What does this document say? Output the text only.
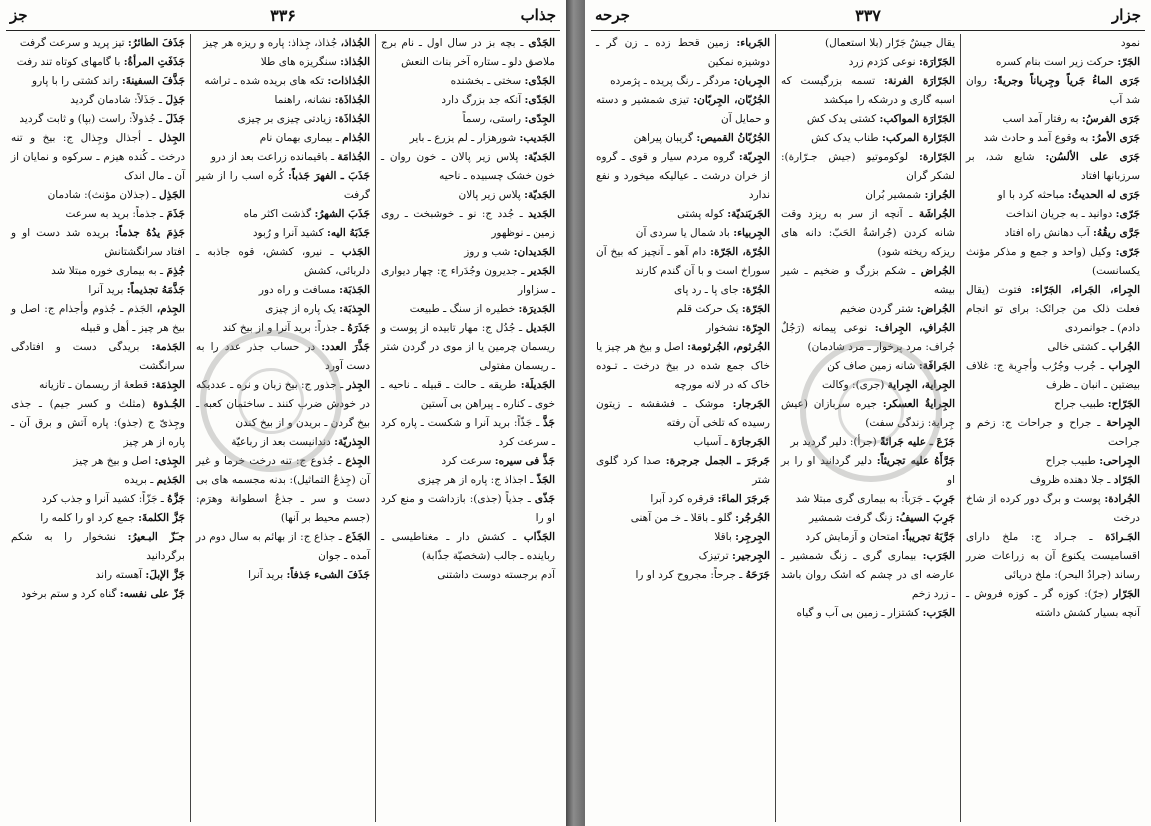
جز	۳۳۶	جذاب

الجَدْی ـ بچه بز در سال اول ـ نام برج ملاصق دلو ـ ستاره آخر بنات النعش

الجَدْی: سختی ـ بخشنده

الجَدّی: آنکه جد بزرگ دارد

الجِدّی: راستی، رسماً

الجَدیب: شورهزار ـ لم یزرع ـ بایر

الجَدیّة: پلاس زیر پالان ـ خون روان ـ خون خشک چسبیده ـ ناحیه

الجَدیّة: پلاس زیر پالان

الجَدید ـ جُدد ج: نو ـ خوشبخت ـ روی زمین ـ نوظهور

الجَدیدان: شب و روز

الجَدیر ـ جدیرون وجُدَراء ج: چهار دیواری ـ سزاوار

الجَدیرَة: خطیره از سنگ ـ طبیعت

الجَدیل ـ جُدُل ج: مهار تابیده از پوست و ریسمان چرمین یا از موی در گردن شتر ـ ریسمان مفتولی

الجَدیلَة: طریقه ـ حالت ـ قبیله ـ ناحیه ـ خوی ـ کناره ـ پیراهن بی آستین

جَذَّ ـ جَذّاً: برید آنرا و شکست ـ پاره کرد ـ سرعت کرد

جَذَّ فی سیره: سرعت کرد

الجَذّ ـ اجذاذ ج: پاره از هر چیزی

جَذّی ـ جذیاً (جذی): بازداشت و منع کرد او را

الجَذّاب ـ کشش دار ـ مغناطیسی ـ رباینده ـ جالب (شخصیّة جذّابة)

آدم برجسته دوست داشتنی

الجُذاذ، جُذاذ، جِذاذ: پاره و ریزه هر چیز

الجُذاذ: سنگریزه های طلا

الجُذاذات: تکه های بریده شده ـ تراشه

الجُذاذَة: نشانه، راهنما

الجُذاذَة: زیادتی چیزی بر چیزی

الجُذام ـ بیماری بهمان نام

الجُذامَة ـ باقیمانده زراعت بعد از درو

جَذَبَ ـ الفهرَ جَذباً: کُره اسب را از شیر گرفت

جَذَبَ الشهرُ: گذشت اکثر ماه

جَذَبَهُ الیه: کشید آنرا و رُبود

الجَذب ـ نیرو، کشش، قوه جاذبه ـ دلربائی، کشش

الجَذبَة: مسافت و راه دور

الجِذبَة: یک پاره از چیزی

جَذَرَهُ ـ جذراً: برید آنرا و از بیخ کند

جَذَّرَ العدد: در حساب جذر عدد را به دست آورد

الجِذر ـ جذور ج: بیخ زبان و نره ـ عددیکه در خودش ضرب کنند ـ ساختمان کعبه ـ بیخ گردن ـ بریدن و از بیخ کندن

الجِذریّة: دندانیست بعد از رباعیّة

الجِذع ـ جُذوع ج: تنه درخت خرما و غیر آن (جِذعُ التماثیل): بدنه مجسمه های بی دست و سر ـ جذعُ اسطوانة وهرَم: (جسم محیط بر آنها)

الجَذَع ـ جذاع ج: از بهائم به سال دوم در آمده ـ جوان

جَذَفَ الشیء جَذفاً: برید آنرا

جَذَفَ الطائرُ: تیز پرید و سرعت گرفت

جَذَفَتِ المرأةُ: با گامهای کوتاه تند رفت

جَذَّفَ السفینةَ: راند کشتی را با پارو

جَذِلَ ـ جَذَلاً: شادمان گردید

جَذَلَ ـ جُذولاً: راست (بپا) و ثابت گردید

الجِذل ـ أجذال وجِذال ج: بیخ و تنه درخت ـ کُنده هیزم ـ سرکوه و نمایان از آن ـ مال اندک

الجَذِل ـ (جذلان مؤنث): شادمان

جَذَمَ ـ جذماً: برید به سرعت

جَذِمَ یدُهُ جذماً: بریده شد دست او و افتاد سرانگشتانش

جُذِمَ ـ به بیماری خوره مبتلا شد

جَذَّمَهُ تجذیماً: برید آنرا

الجِذم، الجَذم ـ جُذوم وأجذام ج: اصل و بیخ هر چیز ـ أهل و قبیله

الجَذمة: بریدگی دست و افتادگی سرانگشت

الجِذمَة: قطعهٔ از ریسمان ـ تازیانه

الجُـذوة (مثلث و کسر جیم) ـ جذی وجِذیّ ج (جذو): پاره آتش و برق آن ـ پاره از هر چیز

الجِذی: اصل و بیخ هر چیز

الجَذیم ـ بریده

جَزَّهُ ـ جَزّاً: کشید آنرا و جذب کرد

جَزَّ الکلمةَ: جمع کرد او را کلمه را

جـَزّ البـعیرُ: نشخوار را به شکم برگردانید

جَزَّ الإبلَ: آهسته راند

جَزّ علی نفسه: گناه کرد و ستم برخود

جرحه	۳۳۷	جزار

نمود

الجَرّ: حرکت زیر است بنام کسره

جَرَی الماءُ جَریاً وجِریاناً وجریةً: روان شد آب

جَرَی الفرسُ: به رفتار آمد اسب

جَرَی الأمرُ: به وقوع آمد و حادث شد

جَرَی علی الألسُن: شایع شد، بر سرزبانها افتاد

جَرَی له الحدیثُ: مباحثه کرد با او

جَرّی: دوانید ـ به جریان انداخت

جَرَّی ریقُهُ: آب دهانش راه افتاد

جَرّی: وکیل (واحد و جمع و مذکر مؤنث یکسانست)

الجِراء، الجَراء، الجَرّاء: فتوت (یقال فعلت ذلک من جرائک: برای تو انجام دادم) ـ جوانمردی

الجُراب ـ کشتی خالی

الجِراب ـ جُرب وجُرُب وأجرِبة ج: غلاف بیضتین ـ انبان ـ ظرف

الجَرّاح: طبیب جراح

الجِراحة ـ جراح و جراحات ج: زخم و جراحت

الجِراحی: طبیب جراح

الجَرّاد ـ جلا دهنده ظروف

الجُرادة: پوست و برگ دور کرده از شاخ درخت

الجَـرادَة ـ جـراد ج: ملخ دارای اقسامیست یکنوع آن به زراعات ضرر رساند (جرادُ البحر): ملخ دریائی

الجَرّار (جرّ): کوزه گر ـ کوزه فروش ـ آنچه بسیار کشش داشته

یقال جیشٌ جَرّار (بلا استعمال)

الجَرّارَة: نوعی کژدم زرد

الجَرّارَة الفرنة: تسمه بزرگیست که اسبه گاری و درشکه را میکشد

الجَرّارَة المواکب: کشتی یدک کش

الجَرّارة المرکب: طناب یدک کش

الجَرّارة: لوکوموتیو (جیش جـرّارة): لشکر گران

الجُراز: شمشیر بُران

الجُراشَة ـ آنچه از سر به ریزد وقت شانه کردن (جُراشةُ الحَبّ: دانه های ریزکه ریخته شود)

الجُراض ـ شکم بزرگ و ضخیم ـ شیر بیشه

الجُراض: شتر گردن ضخیم

الجُرافِ، الجِراف: نوعی پیمانه (رَجُلٌ جُراف: مرد پرخوار ـ مرد شادمان)

الجَرافَة: شانه زمین صاف کن

الجِرایة، الجِرایة (جری): وکالت

الجِرایةُ العسکر: جیره سربازان (عیش جِرایة: زندگی سفت)

جَزَعَ ـ علیه جَرائةً (جرأ): دلیر گردید بر

جَرَّأَهُ علیه تجریئاً: دلیر گردانید او را بر او

جَرِبَ ـ جَرَباً: به بیماری گری مبتلا شد

جَرِبَ السیفُ: زنگ گرفت شمشیر

جَرَّبَهُ تجریباً: امتحان و آزمایش کرد

الجَرَب: بیماری گری ـ زنگ شمشیر ـ عارضه ای در چشم که اشک روان باشد ـ زرد زخم

الجَرَب: کشتزار ـ زمین بی آب و گیاه

الجَرباء: زمین قحط زده ـ زن گر ـ دوشیزه نمکین

الجِربان: مردگر ـ رنگ پریده ـ پژمرده

الجُرُبّان، الجِربّان: تیزی شمشیر و دسته و حمایل آن

الجُرُبّانُ القمیص: گریبان پیراهن

الجِربّة: گروه مردم سیار و قوی ـ گروه از خران درشت ـ عیالیکه میخورد و نفع ندارد

الجَربَندیّة: کوله پشتی

الجِربیاء: باد شمال یا سردی آن

الجُرّة، الجَرّة: دام آهو ـ آنچیز که بیخ آن سوراخ است و با آن گندم کارند

الجُرّة: جای پا ـ رد پای

الجَرّة: یک حرکت قلم

الجِرّة: نشخوار

الجُرثوم، الجُرثومة: اصل و بیخ هر چیز یا خاک جمع شده در بیخ درخت ـ تـوده خاک که در لانه مورچه

الجَرجار: موشک ـ فشفشه ـ زیتون رسیده که تلخی آن رفته

الجَرجارَة ـ آسیاب

جَرجَرَ ـ الجمل جرجرة: صدا کرد گلوی شتر

جَرجَرَ الماءَ: قرقره کرد آبرا

الجُرجُر: گلو ـ باقلا ـ خـ من آهنی

الجِرجِر: باقلا

الجِرجیر: ترتیزک

جَرَحَهُ ـ جرحاً: مجروح کرد او را
